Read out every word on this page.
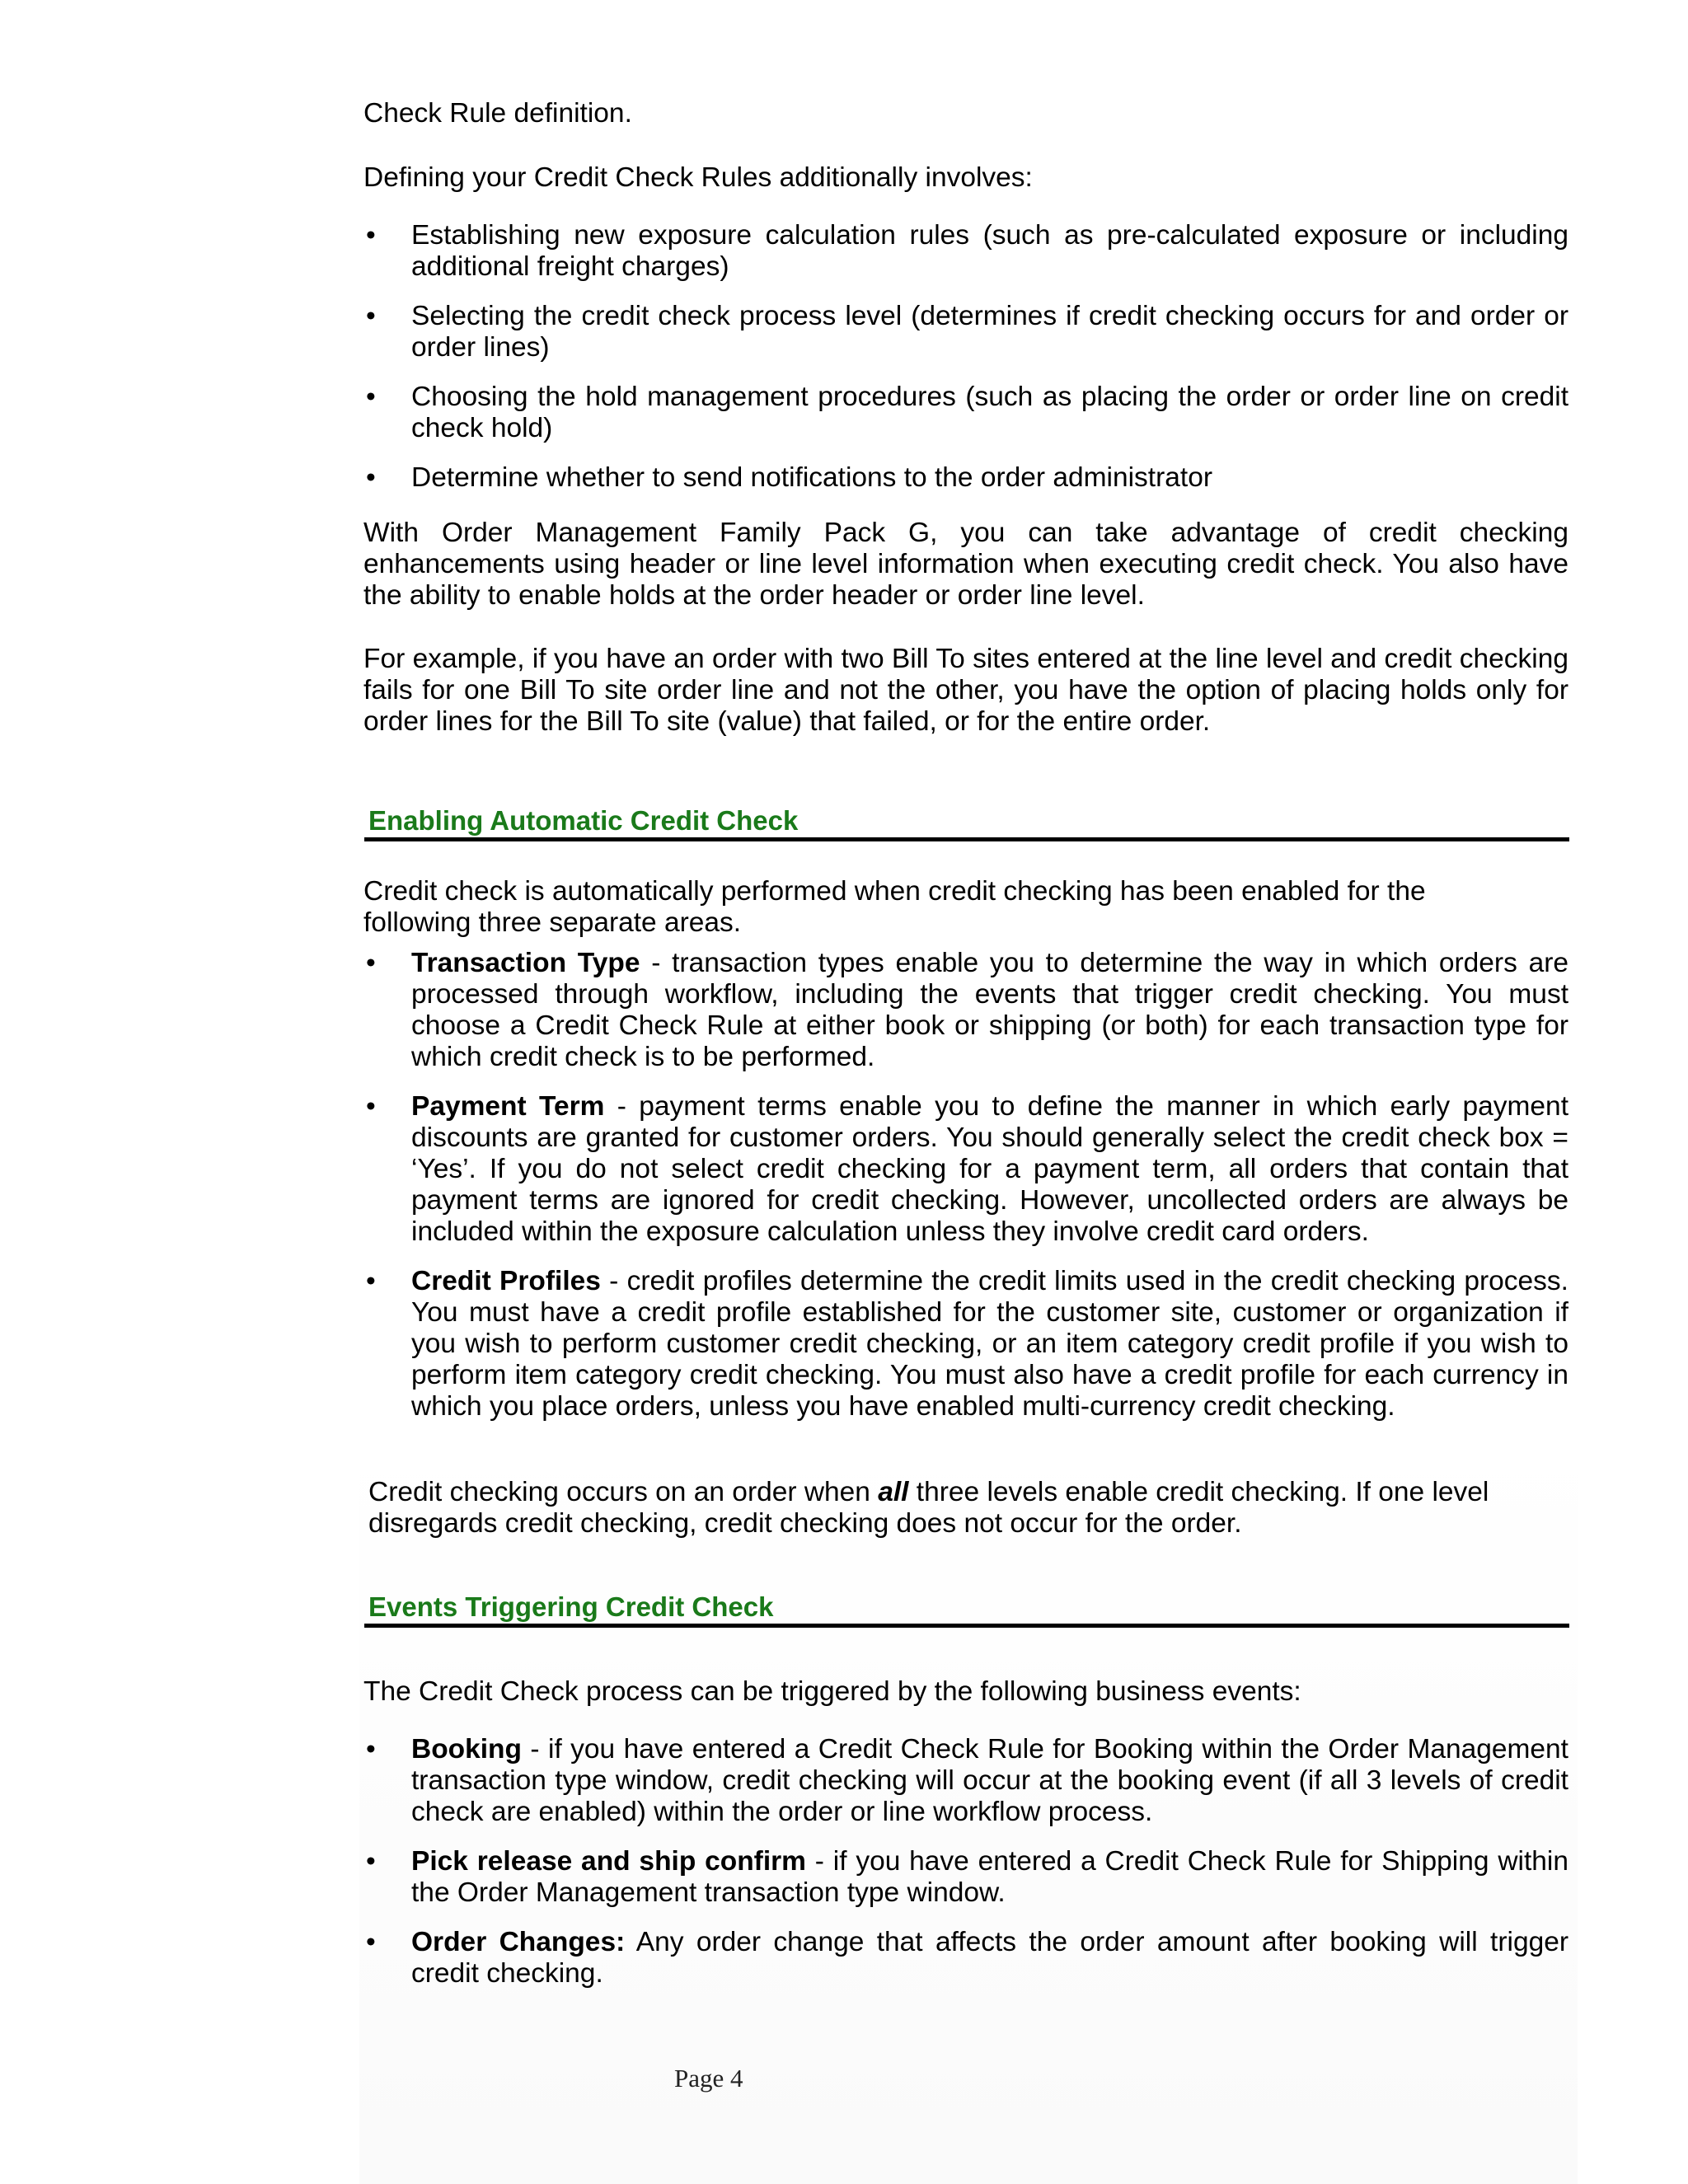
Check Rule definition.

Defining your Credit Check Rules additionally involves:

•	Establishing new exposure calculation rules (such as pre-calculated exposure or including additional freight charges)

•	Selecting the credit check process level (determines if credit checking occurs for and order or order lines)

•	Choosing the hold management procedures (such as placing the order or order line on credit check hold)

•	Determine whether to send notifications to the order administrator

With Order Management Family Pack G, you can take advantage of credit checking enhancements using header or line level information when executing credit check. You also have the ability to enable holds at the order header or order line level.

For example, if you have an order with two Bill To sites entered at the line level and credit checking fails for one Bill To site order line and not the other, you have the option of placing holds only for order lines for the Bill To site (value) that failed, or for the entire order.

Enabling Automatic Credit Check

Credit check is automatically performed when credit checking has been enabled for the following three separate areas.

•	Transaction Type - transaction types enable you to determine the way in which orders are processed through workflow, including the events that trigger credit checking. You must choose a Credit Check Rule at either book or shipping (or both) for each transaction type for which credit check is to be performed.

•	Payment Term - payment terms enable you to define the manner in which early payment discounts are granted for customer orders. You should generally select the credit check box = ‘Yes’. If you do not select credit checking for a payment term, all orders that contain that payment terms are ignored for credit checking. However, uncollected orders are always be included within the exposure calculation unless they involve credit card orders.

•	Credit Profiles - credit profiles determine the credit limits used in the credit checking process. You must have a credit profile established for the customer site, customer or organization if you wish to perform customer credit checking, or an item category credit profile if you wish to perform item category credit checking. You must also have a credit profile for each currency in which you place orders, unless you have enabled multi-currency credit checking.

Credit checking occurs on an order when all three levels enable credit checking. If one level disregards credit checking, credit checking does not occur for the order.

Events Triggering Credit Check

The Credit Check process can be triggered by the following business events:

•	Booking - if you have entered a Credit Check Rule for Booking within the Order Management transaction type window, credit checking will occur at the booking event (if all 3 levels of credit check are enabled) within the order or line workflow process.

•	Pick release and ship confirm - if you have entered a Credit Check Rule for Shipping within the Order Management transaction type window.

•	Order Changes: Any order change that affects the order amount after booking will trigger credit checking.

Page 4
